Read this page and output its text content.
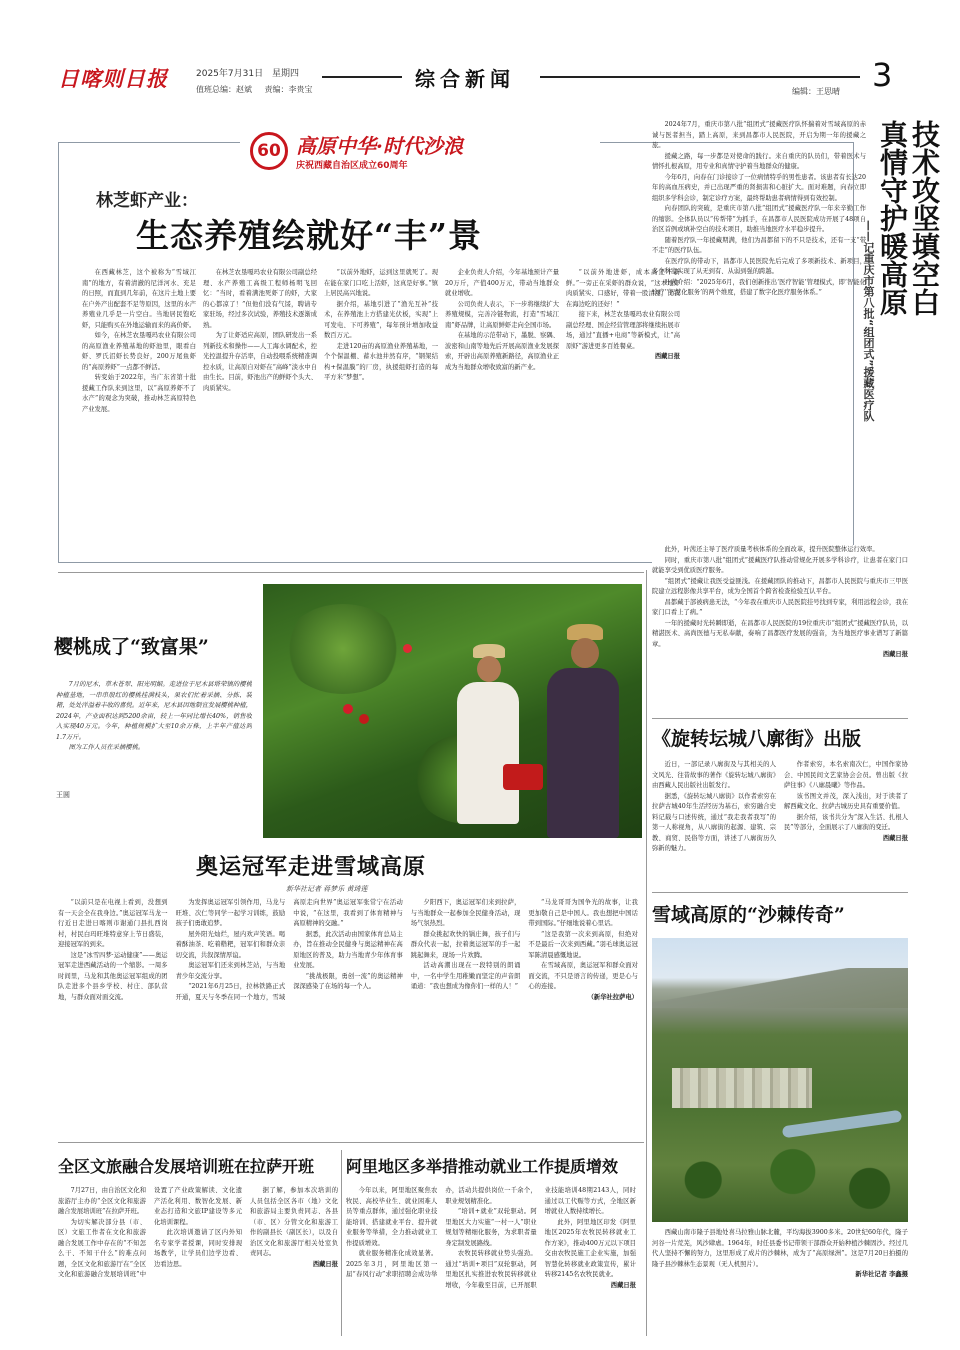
日喀则日报	2025年7月31日 星期四
值班总编：赵斌 责编：李贵宝	综合新闻	3
编辑：王思晴
60 高原中华·时代沙浪
庆祝西藏自治区成立60周年
林芝虾产业：
生态养殖绘就好“丰”景

在西藏林芝，这个被称为“雪域江南”的地方，有着清澈的尼洋河水、充足的日照，而直到几年前，在这片土地上要在户外产出配套不足等原因，这里的水产养殖业几乎是一片空白。当地居民饱吃虾，只能购买在外地运输而来的高价虾。

如今，在林芝农垦嘎玛农业有限公司的高原渔业养殖基地的虾池里，眼看白虾、罗氏沼虾长势良好，200万尾鱼虾的“高原养虾”一点都不鲜活。

转变始于2022年，当广东省第十批援藏工作队来到这里，以“高原养虾不了水产”的观念为突破，推动林芝高原特色产业发展。

在林芝农垦嘎玛农业有限公司副总经理、水产养殖工高级工程师杨明飞回忆：“当时，看着满池死虾了的虾，大家的心都凉了！”但他们没有气馁，聘请专家驻场，经过多次试验，养殖技术逐渐成熟。

为了让虾适应高原，团队研发出一系列新技术和操作——人工海水调配术，控光控温提升存活率，自动投喂系统精准调控水质，让高原自对虾在“高峰”淡水中自由生长。目前，虾池出产的鲜虾个头大、肉质紧实。

“以前外地虾，运到这里就死了。现在能在家门口吃上活虾，这真是好事。”镇上居民高兴地说。

据介绍，基地引进了“渔光互补”技术，在养殖池上方搭建光伏板，实现“上可发电、下可养殖”，每年预计增加收益数百万元。

走进120亩的高原渔业养殖基地，一个个保温棚、蓄水池井然有序，“钢架结构+保温膜”的厂房，执援组虾打造的每平方米“梦想”。

企业负责人介绍，今年基地预计产量20万斤，产值400万元，带动当地群众就业增收。

公司负责人表示，下一步将继续扩大养殖规模，完善冷链物流，打造“雪域江南”虾品牌，让高原鲜虾走向全国市场。

在基地的示范带动下，墨脱、察隅、波密和山南等地先后开展高原渔业发展探索，开辟出高原养殖新路径，高原渔业正成为当地群众增收致富的新产业。

“以前外地进虾，成本高还不新鲜。”一旁正在采虾的群众说，“这本地虾肉质紧实、口感好，带着一股清甜，比我在海边吃的还好！”

接下来，林芝农垦嘎玛农业有限公司副总经理、国企经营管理部将继续拓展市场，通过“直播+电商”等新模式，让“高原虾”游进更多百姓餐桌。

西藏日报

技术攻坚填空白
真情守护暖高原
——记重庆市第八批“组团式”援藏医疗队

2024年7月，重庆市第八批“组团式”援藏医疗队怀揣着对雪域高原的赤诚与医者担当，踏上高原，来到昌都市人民医院，开启为期一年的援藏之旅。

援藏之路，每一步都是对使命的践行。来自重庆的队员们，带着医术与情怀扎根高原，用专业和真情守护着当地群众的健康。

今年6月，向春在门诊接诊了一位病情特乎的男性患者。该患者有长达20年的高血压病史，并已出现严重的肾损害和心脏扩大。面对难题，向春立即组织多学科会诊，制定诊疗方案，最终帮助患者病情得到有效控制。

向春团队的突破，是重庆市第八批“组团式”援藏医疗队一年来辛勤工作的缩影。全体队员以“传帮带”为抓手，在昌都市人民医院成功开展了48项自治区首例或填补空白的技术项目，助推当地医疗水平稳步提升。

随着医疗队一年援藏期满，他们为昌都留下的不只是技术，还有一支“带不走”的医疗队伍。

在医疗队的带动下，昌都市人民医院先后完成了多项新技术、新项目，多个科室实现了从无到有、从弱到强的跨越。

叶茜介绍：“2025年6月，我们创新推出‘医疗智能’管理模式，即‘智能化诊疗’‘智慧化服务’的两个维度，搭建了数字化医疗服务体系。”

此外，叶茜还主导了医疗质量考核体系的全面改革，提升医院整体运行效率。

同时，重庆市第八批“组团式”援藏医疗队推动常规化开展多学科诊疗，让患者在家门口就能享受到优质医疗服务。

“组团式”援藏让我医受益匪浅。在援藏团队的推动下，昌都市人民医院与重庆市三甲医院建立远程影像共享平台，成为全国首个跨省检查检验互认平台。

昌都藏于部被病患无法，“今年我在重庆市人民医院挂号找到专家，利用远程会诊，我在家门口看上了病。”

一年的援藏时光转瞬即逝，在昌都市人民医院的19位重庆市“组团式”援藏医疗队员，以精湛医术、高尚医德与无私奉献，奏响了昌都医疗发展的强音，为当地医疗事业谱写了新篇章。

西藏日报

樱桃成了“致富果”

7月的尼木，草木苍翠、阳光明媚。走进位于尼木县塔荣镇的樱桃种植基地，一串串殷红的樱桃挂满枝头，果农们忙着采摘、分拣、装箱，处处洋溢着丰收的喜悦。近年来，尼木县因地制宜发展樱桃种植，2024年，产业面积达到5200余亩，较上一年同比增长40%，销售收入实现40万元。今年，种植规模扩大至10余万株，上半年产值达到1.7万斤。

图为工作人员在采摘樱桃。

王圆
《旋转坛城八廓街》出版

近日，一部记录八廓街及与其相关的人文风光、往昔故事的著作《旋转坛城八廓街》由西藏人民出版社出版发行。

据悉，《旋转坛城八廓街》以作者索穷在拉萨古城40年生活经历为基石，索穷融合史料记载与口述传统，通过“我走我者我写”的第一人称视角，从八廓街的起源、建筑、宗教、商贸、民俗等方面，讲述了八廓街历久弥新的魅力。

作者索穷，本名索南次仁，中国作家协会、中国民间文艺家协会会员。曾出版《拉萨往事》《八廓晨曦》等作品。

该书图文并茂，深入浅出，对于读者了解西藏文化、拉萨古城历史具有重要价值。

据介绍，该书共分为“深入生活、扎根人民”等部分，全面展示了八廓街的变迁。

西藏日报

奥运冠军走进雪域高原
新华社记者 蒋梦乐 黄琦莲

“以前只是在电视上看到，没想到有一天会全在我身边。”奥运冠军马龙一行近日走进日喀则市谢通门县扎西岗村，村民白玛旺堆特意穿上节日盛装，迎接冠军的到来。

这是“冰雪四梦·运动健康”——奥运冠军走进西藏活动的一个缩影。一周多时间里，马龙和其他奥运冠军组成的团队走进多个县乡学校、村庄、部队营地，与群众面对面交流。

为发挥奥运冠军引领作用，马龙与旺堆、次仁等同学一起学习训练，鼓励孩子们勇敢追梦。

屋外阳光灿烂，屋内欢声笑语。喝着酥油茶、吃着糌粑，冠军们和群众亲切交流，共叙深情厚谊。

奥运冠军们还来到林芝站，与当地青少年交流分享。

“2021年6月25日，拉林铁路正式开通，夏天与冬季在同一个地方，雪域高原走向世界”奥运冠军张常宁在活动中说，“在这里，我看到了体育精神与高原精神的交融。”

据悉，此次活动由国家体育总局主办，旨在推动全民健身与奥运精神在高原地区的普及，助力当地青少年体育事业发展。

“挑战极限，勇创一流”的奥运精神深深感染了在场的每一个人。

夕阳西下，奥运冠军们来到拉萨，与当地群众一起参加全民健身活动，现场气氛热烈。

群众挑起欢快的锅庄舞，孩子们与群众代表一起，拉着奥运冠军的手一起跳起舞来，现场一片欢腾。

活动高潮出现在一段特别的朗诵中，一名中学生用稚嫩而坚定的声音朗诵道：“我也想成为像你们一样的人！”

“马龙哥哥为国争光的故事，让我更加敬自己是中国人。我也想把中国话带到国际。”仔细地说着心里话。

“这是我第一次来到高原，但绝对不是最后一次来到西藏。”羽毛球奥运冠军陈清晨感慨地说。

在雪域高原，奥运冠军和群众面对面交流，不只是语言的传递，更是心与心的连接。

（新华社拉萨电）

雪域高原的“沙棘传奇”

西藏山南市隆子县地处喜马拉雅山脉北麓，平均海拔3900多米。20世纪60年代，隆子河谷一片荒芜，风沙肆虐。1964年，时任县委书记带领干部群众开始种植沙棘固沙。经过几代人坚持不懈的努力，这里形成了成片的沙棘林，成为了“高原绿洲”。这是7月20日拍摄的隆子县沙棘林生态景观（无人机照片）。

新华社记者 李鑫摄

全区文旅融合发展培训班在拉萨开班

7月27日，由自治区文化和旅游厅主办的“全区文化和旅游融合发展培训班”在拉萨开班。

为切实解决部分县（市、区）文旅工作者在文化和旅游融合发展工作中存在的“不知怎么干、不知干什么”的难点问题，全区文化和旅游厅在“全区文化和旅游融合发展培训班”中设置了产业政策解读、文化遗产活化利用、数智化发展、新业态打造和文旅IP建设等多元化培训课程。

此次培训邀请了区内外知名专家学者授课，同时安排现场教学，让学员们边学边看、边看边思。

据了解，参加本次培训的人员包括全区各市（地）文化和旅游局主要负责同志、各县（市、区）分管文化和旅游工作的副县长（副区长），以及自治区文化和旅游厅相关处室负责同志。

西藏日报

阿里地区多举措推动就业工作提质增效

今年以来，阿里地区聚焦农牧民、高校毕业生、就业困难人员等重点群体，通过强化职业技能培训、搭建就业平台、提升就业服务等举措，全力推动就业工作提质增效。

就业服务精准化成效显著。2025年3月，阿里地区第一届“春风行动”求职招聘会成功举办，活动共提供岗位一千余个，职业规划精准化。

“培训+就业”双轮驱动。阿里地区大力实施“一村一人”职业规划等精细化服务，为求职者量身定制发展路线。

农牧民转移就业势头强劲。通过“培训+项目”双轮驱动，阿里地区扎实推进农牧民转移就业增收，今年截至目前，已开展职业技能培训48期2143人，同时通过以工代赈等方式，全地区新增就业人数持续增长。

此外，阿里地区印发《阿里地区2025年农牧民转移就业工作方案》，推动400万元以下项目交由农牧民施工企业实施，加强智慧化转移就业政策宣传，累计转移2145名农牧民就业。

西藏日报
